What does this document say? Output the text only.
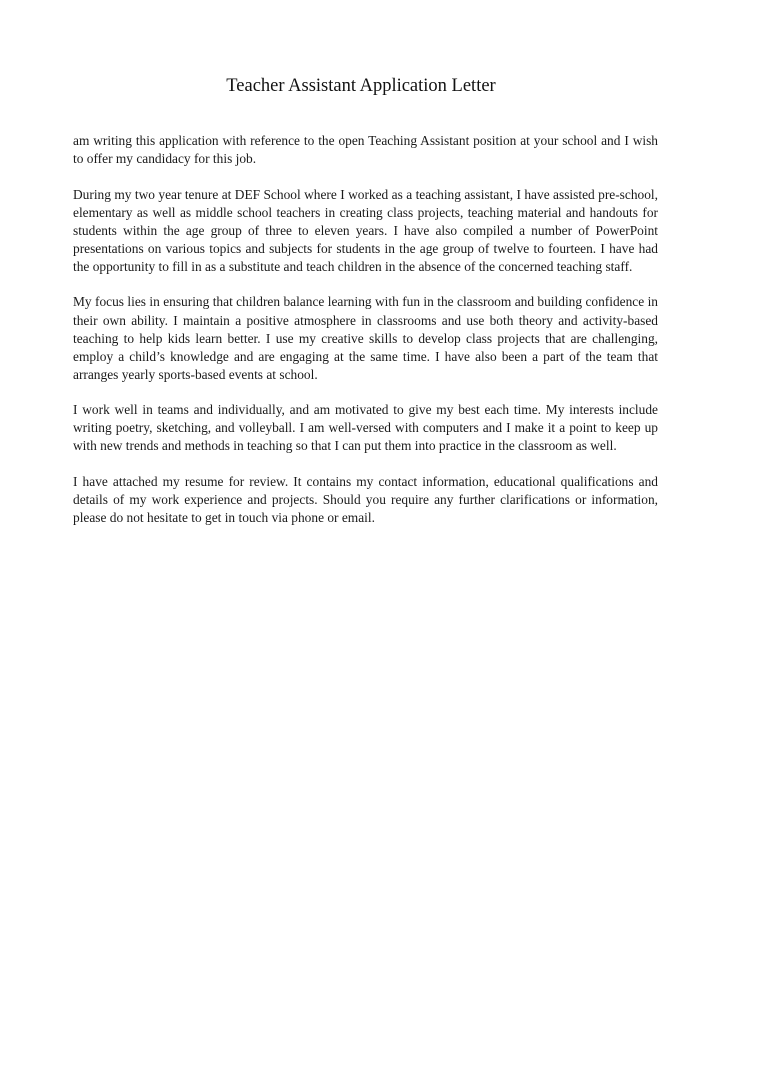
Teacher Assistant Application Letter

am writing this application with reference to the open Teaching Assistant position at your school and I wish to offer my candidacy for this job.

During my two year tenure at DEF School where I worked as a teaching assistant, I have assisted pre-school, elementary as well as middle school teachers in creating class projects, teaching material and handouts for students within the age group of three to eleven years. I have also compiled a number of PowerPoint presentations on various topics and subjects for students in the age group of twelve to fourteen. I have had the opportunity to fill in as a substitute and teach children in the absence of the concerned teaching staff.

My focus lies in ensuring that children balance learning with fun in the classroom and building confidence in their own ability. I maintain a positive atmosphere in classrooms and use both theory and activity-based teaching to help kids learn better. I use my creative skills to develop class projects that are challenging, employ a child’s knowledge and are engaging at the same time. I have also been a part of the team that arranges yearly sports-based events at school.

I work well in teams and individually, and am motivated to give my best each time. My interests include writing poetry, sketching, and volleyball. I am well-versed with computers and I make it a point to keep up with new trends and methods in teaching so that I can put them into practice in the classroom as well.

I have attached my resume for review. It contains my contact information, educational qualifications and details of my work experience and projects. Should you require any further clarifications or information, please do not hesitate to get in touch via phone or email.
